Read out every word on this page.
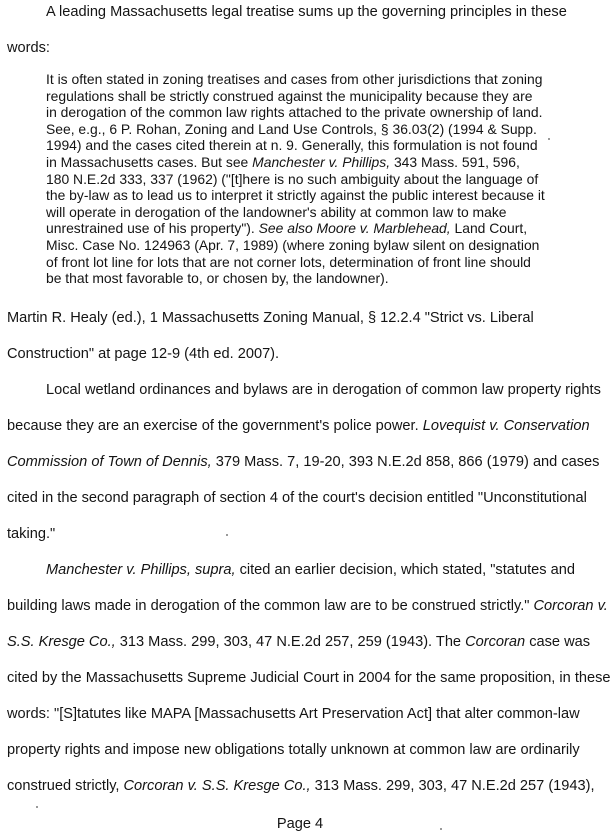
A leading Massachusetts legal treatise sums up the governing principles in these
words:
It is often stated in zoning treatises and cases from other jurisdictions that zoning
regulations shall be strictly construed against the municipality because they are
in derogation of the common law rights attached to the private ownership of land.
See, e.g., 6 P. Rohan, Zoning and Land Use Controls, § 36.03(2) (1994 & Supp.
1994) and the cases cited therein at n. 9. Generally, this formulation is not found
in Massachusetts cases. But see Manchester v. Phillips, 343 Mass. 591, 596,
180 N.E.2d 333, 337 (1962) ("[t]here is no such ambiguity about the language of
the by-law as to lead us to interpret it strictly against the public interest because it
will operate in derogation of the landowner's ability at common law to make
unrestrained use of his property"). See also Moore v. Marblehead, Land Court,
Misc. Case No. 124963 (Apr. 7, 1989) (where zoning bylaw silent on designation
of front lot line for lots that are not corner lots, determination of front line should
be that most favorable to, or chosen by, the landowner).
Martin R. Healy (ed.), 1 Massachusetts Zoning Manual, § 12.2.4 "Strict vs. Liberal
Construction" at page 12-9 (4th ed. 2007).
Local wetland ordinances and bylaws are in derogation of common law property rights
because they are an exercise of the government's police power. Lovequist v. Conservation
Commission of Town of Dennis, 379 Mass. 7, 19-20, 393 N.E.2d 858, 866 (1979) and cases
cited in the second paragraph of section 4 of the court's decision entitled "Unconstitutional
taking."
Manchester v. Phillips, supra, cited an earlier decision, which stated, "statutes and
building laws made in derogation of the common law are to be construed strictly." Corcoran v.
S.S. Kresge Co., 313 Mass. 299, 303, 47 N.E.2d 257, 259 (1943). The Corcoran case was
cited by the Massachusetts Supreme Judicial Court in 2004 for the same proposition, in these
words: "[S]tatutes like MAPA [Massachusetts Art Preservation Act] that alter common-law
property rights and impose new obligations totally unknown at common law are ordinarily
construed strictly, Corcoran v. S.S. Kresge Co., 313 Mass. 299, 303, 47 N.E.2d 257 (1943),
Page 4
